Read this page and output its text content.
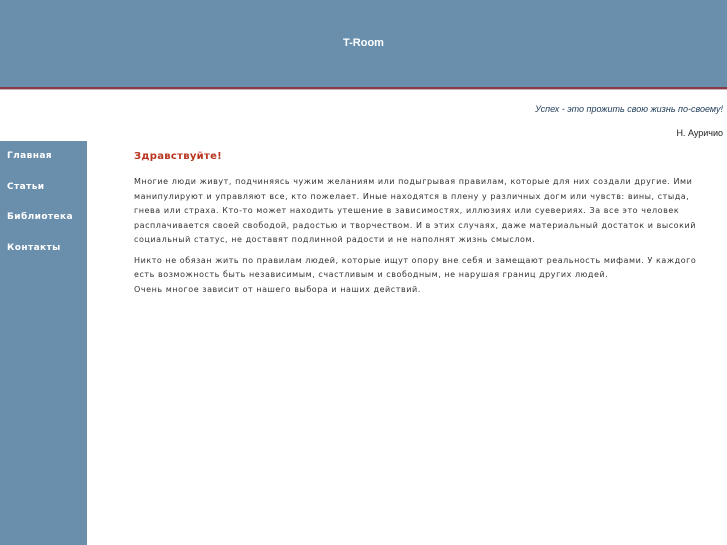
T-Room
Успех - это прожить свою жизнь по-своему!
Н. Ауричио
Главная
Статьи
Библиотека
Контакты
Здравствуйте!

Многие люди живут, подчиняясь чужим желаниям или подыгрывая правилам, которые для них создали другие. Ими манипулируют и управляют все, кто пожелает. Иные находятся в плену у различных догм или чувств: вины, стыда, гнева или страха. Кто-то может находить утешение в зависимостях, иллюзиях или суевериях. За все это человек расплачивается своей свободой, радостью и творчеством. И в этих случаях, даже материальный достаток и высокий социальный статус, не доставят подлинной радости и не наполнят жизнь смыслом.

Никто не обязан жить по правилам людей, которые ищут опору вне себя и замещают реальность мифами. У каждого есть возможность быть независимым, счастливым и свободным, не нарушая границ других людей.

Очень многое зависит от нашего выбора и наших действий.
